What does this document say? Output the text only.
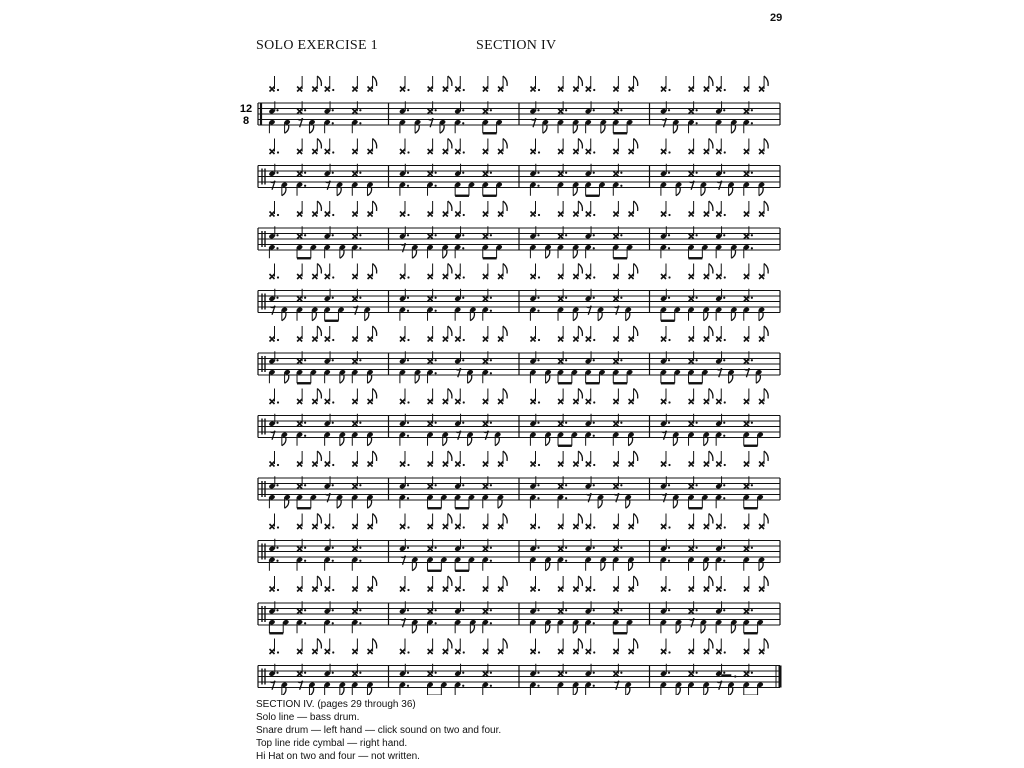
29
SOLO EXERCISE 1	SECTION IV
12
8
SECTION IV. (pages 29 through 36)
Solo line — bass drum.
Snare drum — left hand — click sound on two and four.
Top line ride cymbal — right hand.
Hi Hat on two and four — not written.
